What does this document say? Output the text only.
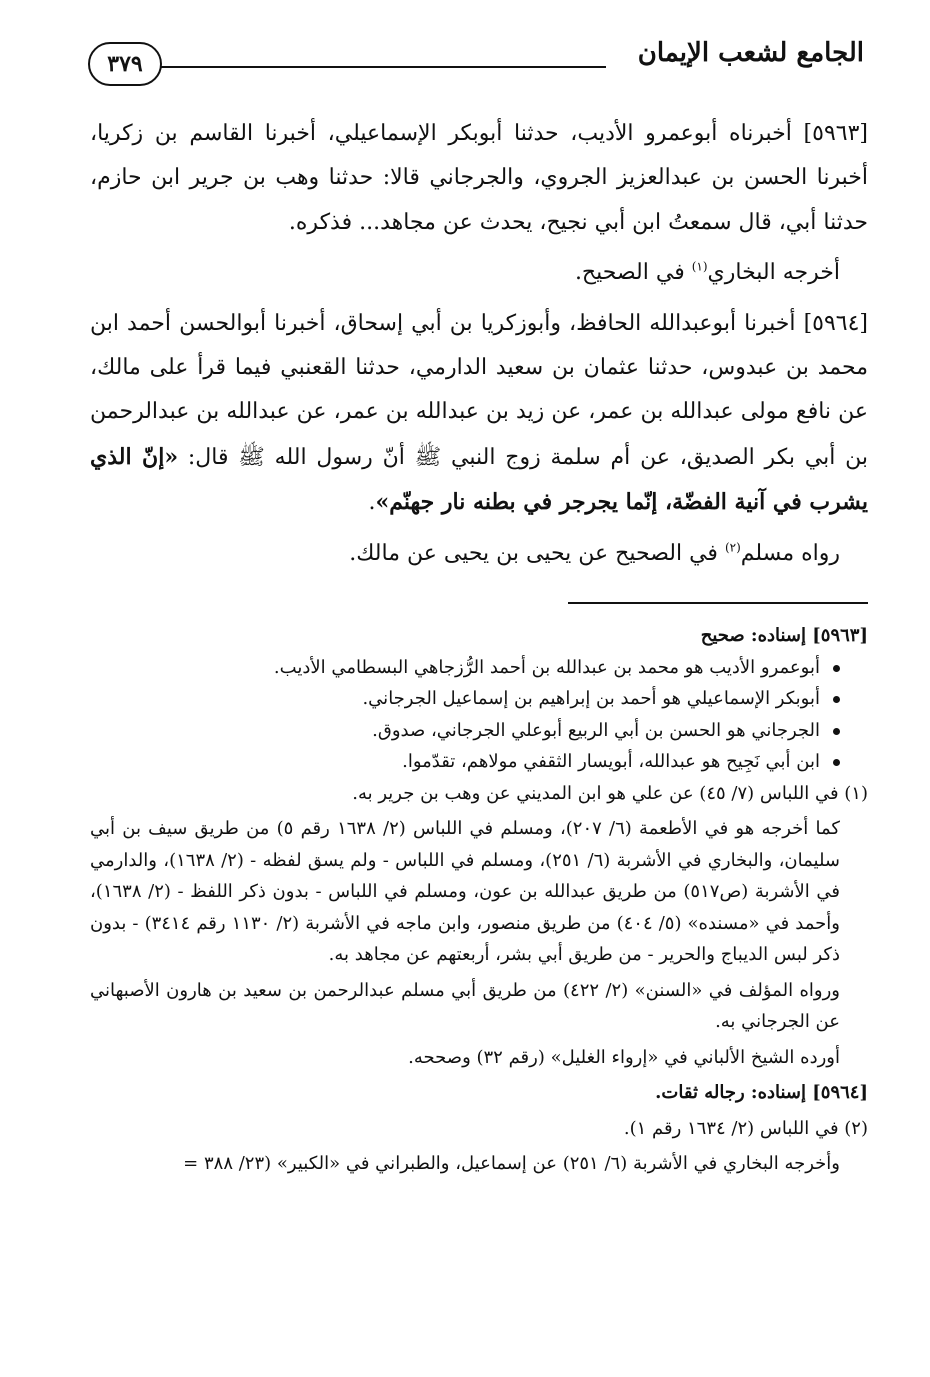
الجامع لشعب الإيمان
٣٧٩

[٥٩٦٣] أخبرناه أبوعمرو الأديب، حدثنا أبوبكر الإسماعيلي، أخبرنا القاسم بن زكريا، أخبرنا الحسن بن عبدالعزيز الجروي، والجرجاني قالا: حدثنا وهب بن جرير ابن حازم، حدثنا أبي، قال سمعتُ ابن أبي نجيح، يحدث عن مجاهد... فذكره.

أخرجه البخاري$^{(١)}$ في الصحيح.

[٥٩٦٤] أخبرنا أبوعبدالله الحافظ، وأبوزكريا بن أبي إسحاق، أخبرنا أبوالحسن أحمد ابن محمد بن عبدوس، حدثنا عثمان بن سعيد الدارمي، حدثنا القعنبي فيما قرأ على مالك، عن نافع مولى عبدالله بن عمر، عن زيد بن عبدالله بن عمر، عن عبدالله بن عبدالرحمن بن أبي بكر الصديق، عن أم سلمة زوج النبي ﷺ أنّ رسول الله ﷺ قال: «إنّ الذي يشرب في آنية الفضّة، إنّما يجرجر في بطنه نار جهنّم».

رواه مسلم$^{(٢)}$ في الصحيح عن يحيى بن يحيى عن مالك.

[٥٩٦٣] إسناده: صحيح

أبوعمرو الأديب هو محمد بن عبدالله بن أحمد الرُّزجاهي البسطامي الأديب.
أبوبكر الإسماعيلي هو أحمد بن إبراهيم بن إسماعيل الجرجاني.
الجرجاني هو الحسن بن أبي الربيع أبوعلي الجرجاني، صدوق.
ابن أبي نَجِيح هو عبدالله، أبويسار الثقفي مولاهم، تقدّموا.

(١) في اللباس (٧/ ٤٥) عن علي هو ابن المديني عن وهب بن جرير به.

كما أخرجه هو في الأطعمة (٦/ ٢٠٧)، ومسلم في اللباس (٢/ ١٦٣٨ رقم ٥) من طريق سيف بن أبي سليمان، والبخاري في الأشربة (٦/ ٢٥١)، ومسلم في اللباس - ولم يسق لفظه - (٢/ ١٦٣٨)، والدارمي في الأشربة (ص٥١٧) من طريق عبدالله بن عون، ومسلم في اللباس - بدون ذكر اللفظ - (٢/ ١٦٣٨)، وأحمد في «مسنده» (٥/ ٤٠٤) من طريق منصور، وابن ماجه في الأشربة (٢/ ١١٣٠ رقم ٣٤١٤) - بدون ذكر لبس الديباج والحرير - من طريق أبي بشر، أربعتهم عن مجاهد به.

ورواه المؤلف في «السنن» (٢/ ٤٢٢) من طريق أبي مسلم عبدالرحمن بن سعيد بن هارون الأصبهاني عن الجرجاني به.

أورده الشيخ الألباني في «إرواء الغليل» (رقم ٣٢) وصححه.

[٥٩٦٤] إسناده: رجاله ثقات.

(٢) في اللباس (٢/ ١٦٣٤ رقم ١).

وأخرجه البخاري في الأشربة (٦/ ٢٥١) عن إسماعيل، والطبراني في «الكبير» (٢٣/ ٣٨٨ =
